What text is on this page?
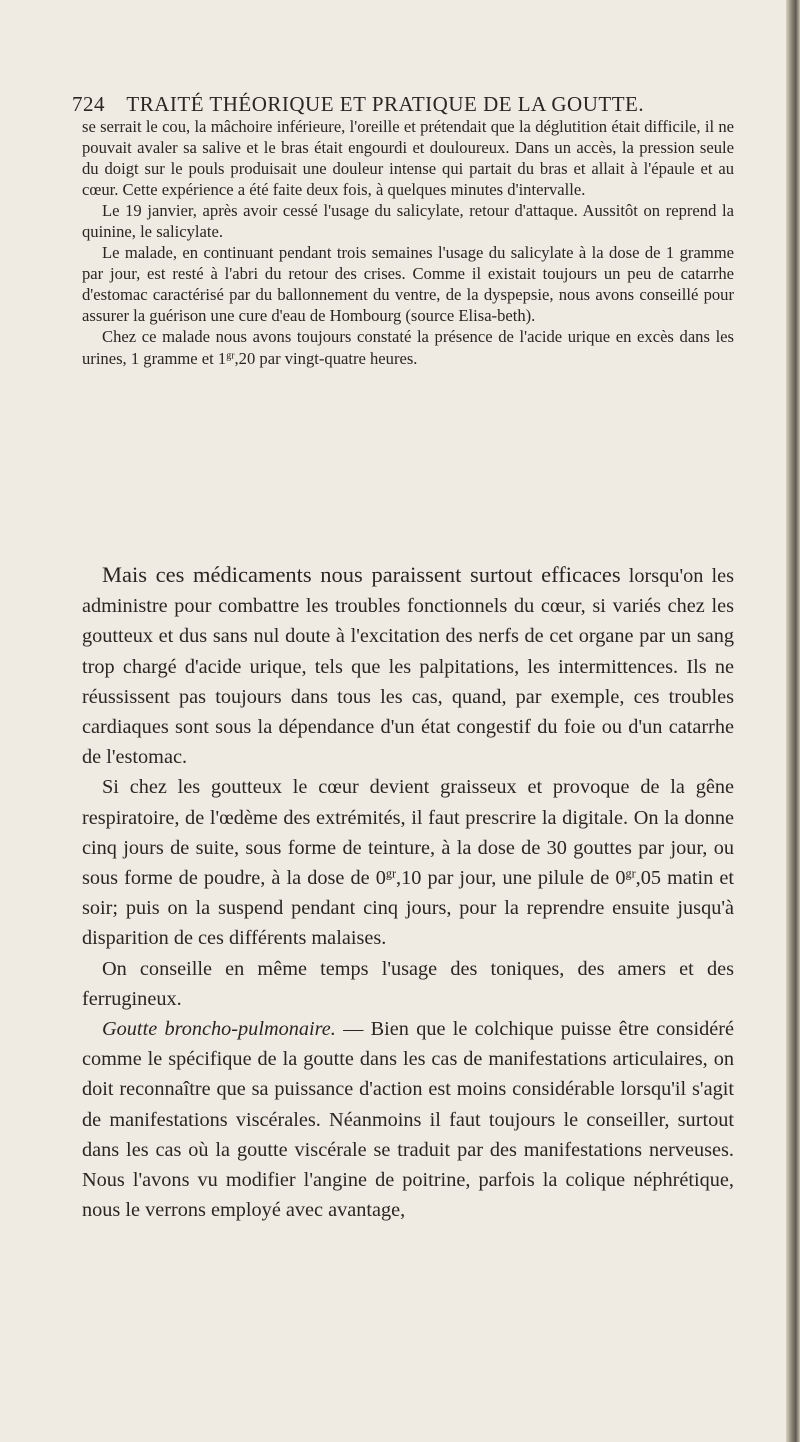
724 TRAITÉ THÉORIQUE ET PRATIQUE DE LA GOUTTE.

se serrait le cou, la mâchoire inférieure, l'oreille et prétendait que la déglutition était difficile, il ne pouvait avaler sa salive et le bras était engourdi et douloureux. Dans un accès, la pression seule du doigt sur le pouls produisait une douleur intense qui partait du bras et allait à l'épaule et au cœur. Cette expérience a été faite deux fois, à quelques minutes d'intervalle.

Le 19 janvier, après avoir cessé l'usage du salicylate, retour d'attaque. Aussitôt on reprend la quinine, le salicylate.

Le malade, en continuant pendant trois semaines l'usage du salicylate à la dose de 1 gramme par jour, est resté à l'abri du retour des crises. Comme il existait toujours un peu de catarrhe d'estomac caractérisé par du ballonnement du ventre, de la dyspepsie, nous avons conseillé pour assurer la guérison une cure d'eau de Hombourg (source Elisa-beth).

Chez ce malade nous avons toujours constaté la présence de l'acide urique en excès dans les urines, 1 gramme et $1^{gr},20$ par vingt-quatre heures.

Mais ces médicaments nous paraissent surtout efficaces lorsqu'on les administre pour combattre les troubles fonctionnels du cœur, si variés chez les goutteux et dus sans nul doute à l'excitation des nerfs de cet organe par un sang trop chargé d'acide urique, tels que les palpitations, les intermittences. Ils ne réussissent pas toujours dans tous les cas, quand, par exemple, ces troubles cardiaques sont sous la dépendance d'un état congestif du foie ou d'un catarrhe de l'estomac.

Si chez les goutteux le cœur devient graisseux et provoque de la gêne respiratoire, de l'œdème des extrémités, il faut prescrire la digitale. On la donne cinq jours de suite, sous forme de teinture, à la dose de 30 gouttes par jour, ou sous forme de poudre, à la dose de $0^{gr},10$ par jour, une pilule de $0^{gr},05$ matin et soir; puis on la suspend pendant cinq jours, pour la reprendre ensuite jusqu'à disparition de ces différents malaises.

On conseille en même temps l'usage des toniques, des amers et des ferrugineux.

Goutte broncho-pulmonaire. — Bien que le colchique puisse être considéré comme le spécifique de la goutte dans les cas de manifestations articulaires, on doit reconnaître que sa puissance d'action est moins considérable lorsqu'il s'agit de manifestations viscérales. Néanmoins il faut toujours le conseiller, surtout dans les cas où la goutte viscérale se traduit par des manifestations nerveuses. Nous l'avons vu modifier l'angine de poitrine, parfois la colique néphrétique, nous le verrons employé avec avantage,
